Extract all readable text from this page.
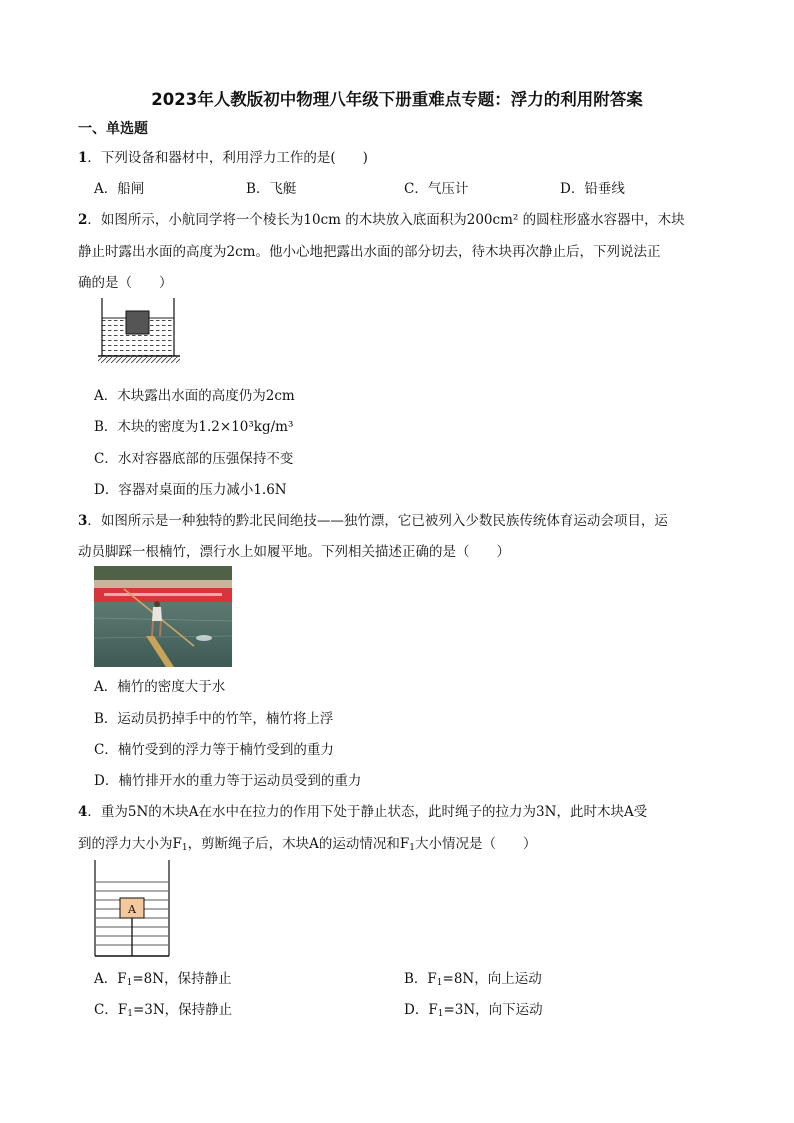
2023年人教版初中物理八年级下册重难点专题：浮力的利用附答案
一、单选题
1．下列设备和器材中，利用浮力工作的是(　　)
A．船闸	B．飞艇	C．气压计	D．铅垂线
2．如图所示，小航同学将一个棱长为10cm 的木块放入底面积为200cm² 的圆柱形盛水容器中，木块
静止时露出水面的高度为2cm。他小心地把露出水面的部分切去，待木块再次静止后，下列说法正
确的是（　　）
A．木块露出水面的高度仍为2cm
B．木块的密度为1.2×10³kg/m³
C．水对容器底部的压强保持不变
D．容器对桌面的压力减小1.6N
3．如图所示是一种独特的黔北民间绝技——独竹漂，它已被列入少数民族传统体育运动会项目，运
动员脚踩一根楠竹，漂行水上如履平地。下列相关描述正确的是（　　）
A．楠竹的密度大于水
B．运动员扔掉手中的竹竿，楠竹将上浮
C．楠竹受到的浮力等于楠竹受到的重力
D．楠竹排开水的重力等于运动员受到的重力
4．重为5N的木块A在水中在拉力的作用下处于静止状态，此时绳子的拉力为3N，此时木块A受
到的浮力大小为$F_1$，剪断绳子后，木块A的运动情况和$F_1$大小情况是（　　）
A
A．$F_1=8N$，保持静止	B．$F_1=8N$，向上运动
C．$F_1=3N$，保持静止	D．$F_1=3N$，向下运动
